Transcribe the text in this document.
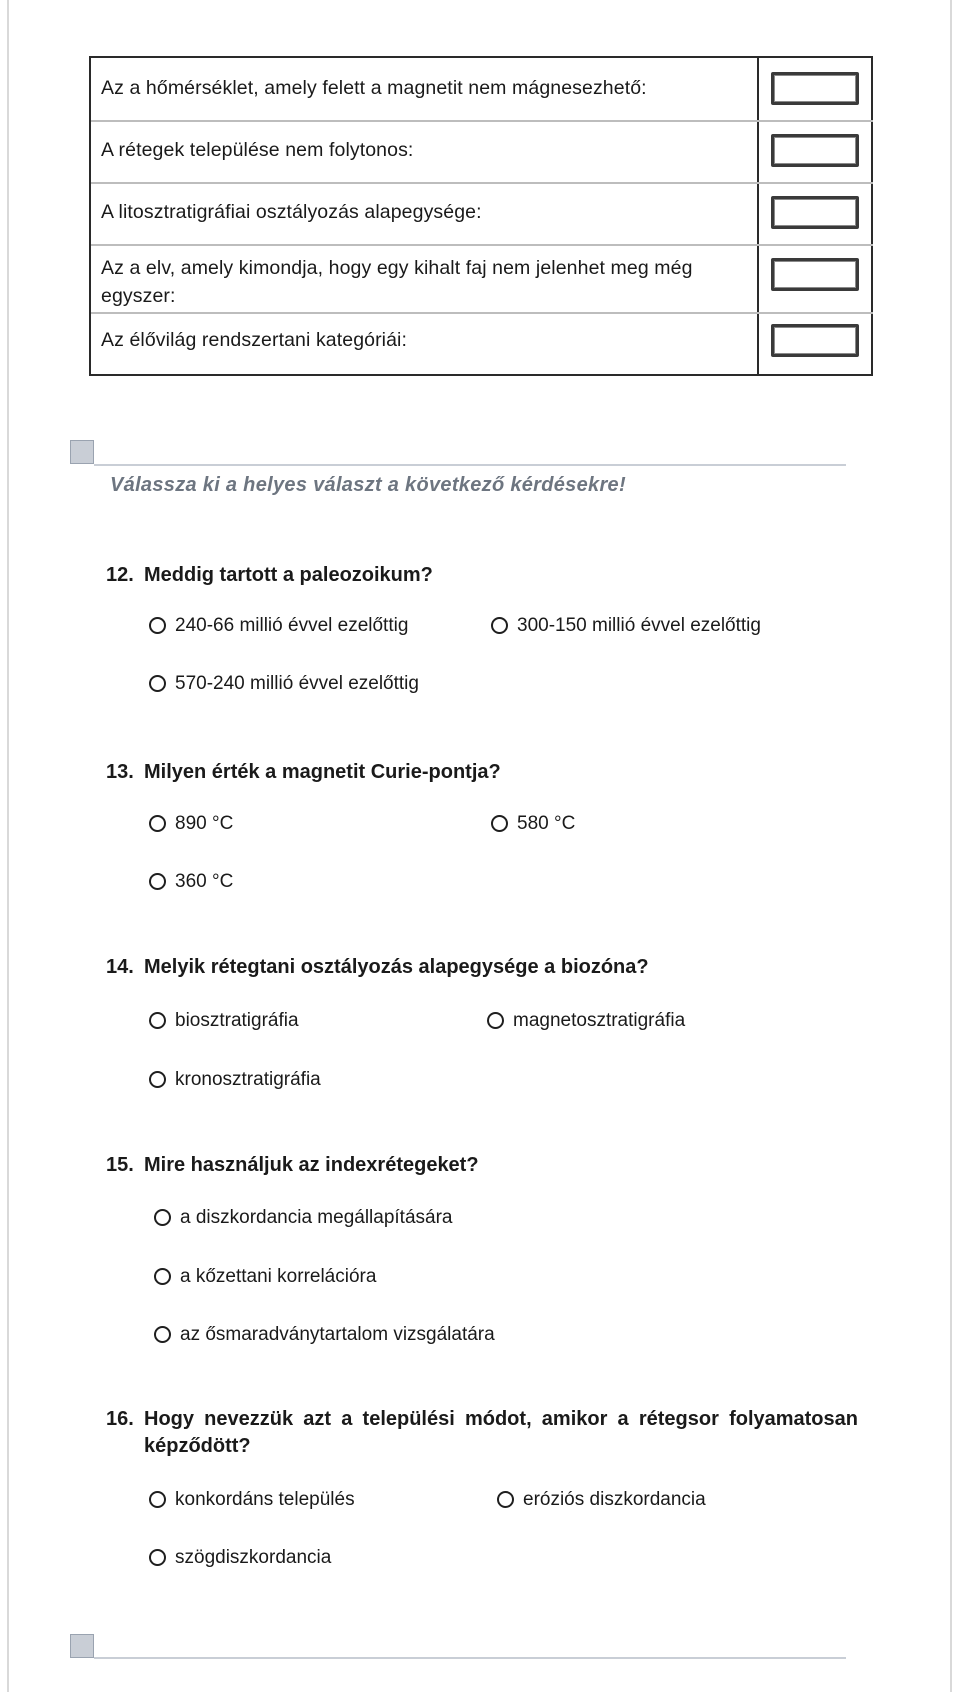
Az a hőmérséklet, amely felett a magnetit nem mágnesezhető:
A rétegek települése nem folytonos:
A litosztratigráfiai osztályozás alapegysége:
Az a elv, amely kimondja, hogy egy kihalt faj nem jelenhet meg még egyszer:
Az élővilág rendszertani kategóriái:
Válassza ki a helyes választ a következő kérdésekre!
12. Meddig tartott a paleozoikum?
240-66 millió évvel ezelőttig	300-150 millió évvel ezelőttig
570-240 millió évvel ezelőttig
13. Milyen érték a magnetit Curie-pontja?
890 °C	580 °C
360 °C
14. Melyik rétegtani osztályozás alapegysége a biozóna?
biosztratigráfia	magnetosztratigráfia
kronosztratigráfia
15. Mire használjuk az indexrétegeket?
a diszkordancia megállapítására
a kőzettani korrelációra
az ősmaradványtartalom vizsgálatára
16. Hogy nevezzük azt a települési módot, amikor a rétegsor folyamatosan képződött?
konkordáns település	eróziós diszkordancia
szögdiszkordancia
